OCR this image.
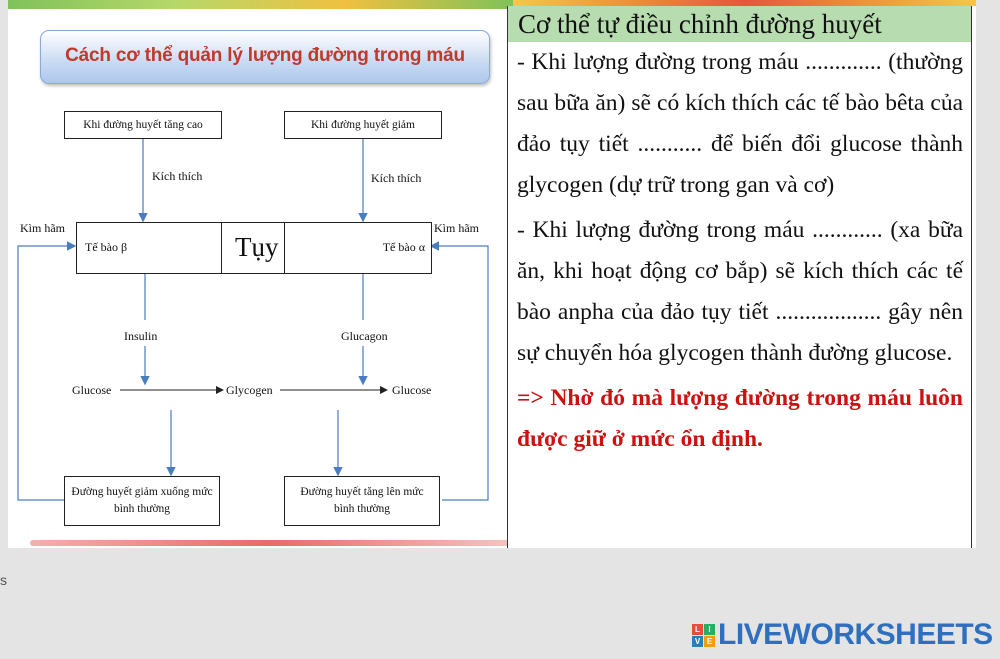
Cách cơ thể quản lý lượng đường trong máu
Khi đường huyết tăng cao	Khi đường huyết giảm
Kích thích	Kích thích
Kìm hãm	Kìm hãm
Tế bào β	Tụy	Tế bào α
Insulin	Glucagon
Glucose	Glycogen	Glucose
Đường huyết giảm xuống mức bình thường
Đường huyết tăng lên mức bình thường
Cơ thể tự điều chỉnh đường huyết

- Khi lượng đường trong máu ............. (thường sau bữa ăn) sẽ có kích thích các tế bào bêta của đảo tụy tiết ........... để biến đổi glucose thành glycogen (dự trữ trong gan và cơ)

- Khi lượng đường trong máu ............ (xa bữa ăn, khi hoạt động cơ bắp) sẽ kích thích các tế bào anpha của đảo tụy tiết .................. gây nên sự chuyển hóa glycogen thành đường glucose.

=> Nhờ đó mà lượng đường trong máu luôn được giữ ở mức ổn định.

s
L	I
V E LIVEWORKSHEETS
